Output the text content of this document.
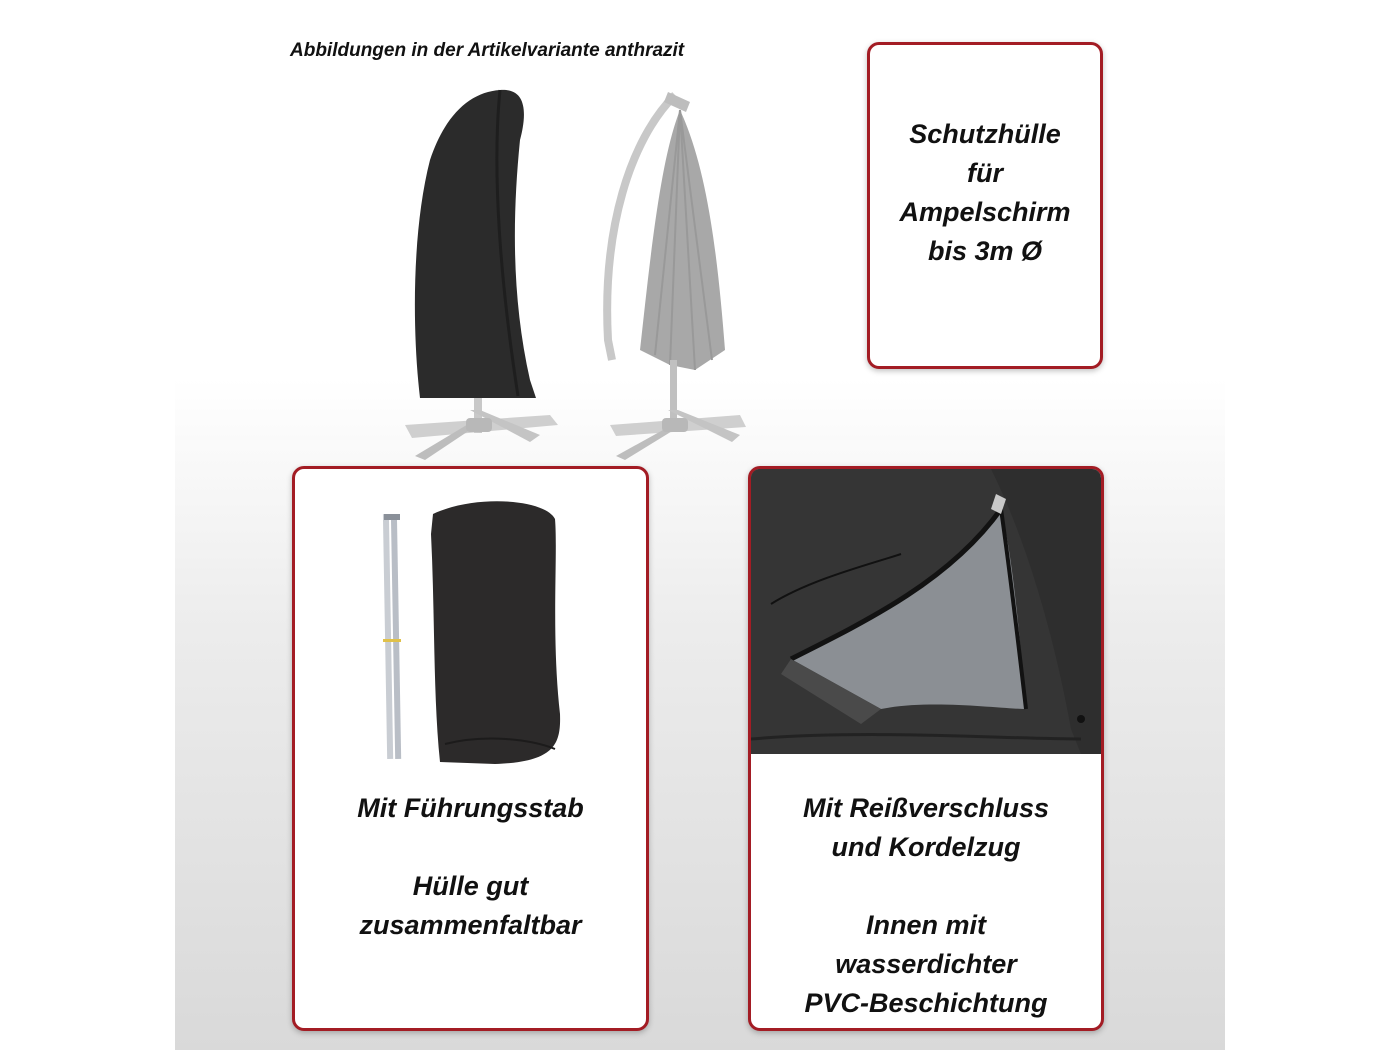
Abbildungen in der Artikelvariante anthrazit
Schutzhülle
für
Ampelschirm
bis 3m Ø
Mit Führungsstab
Hülle gut
zusammenfaltbar
Mit Reißverschluss
und Kordelzug
Innen mit
wasserdichter
PVC-Beschichtung
